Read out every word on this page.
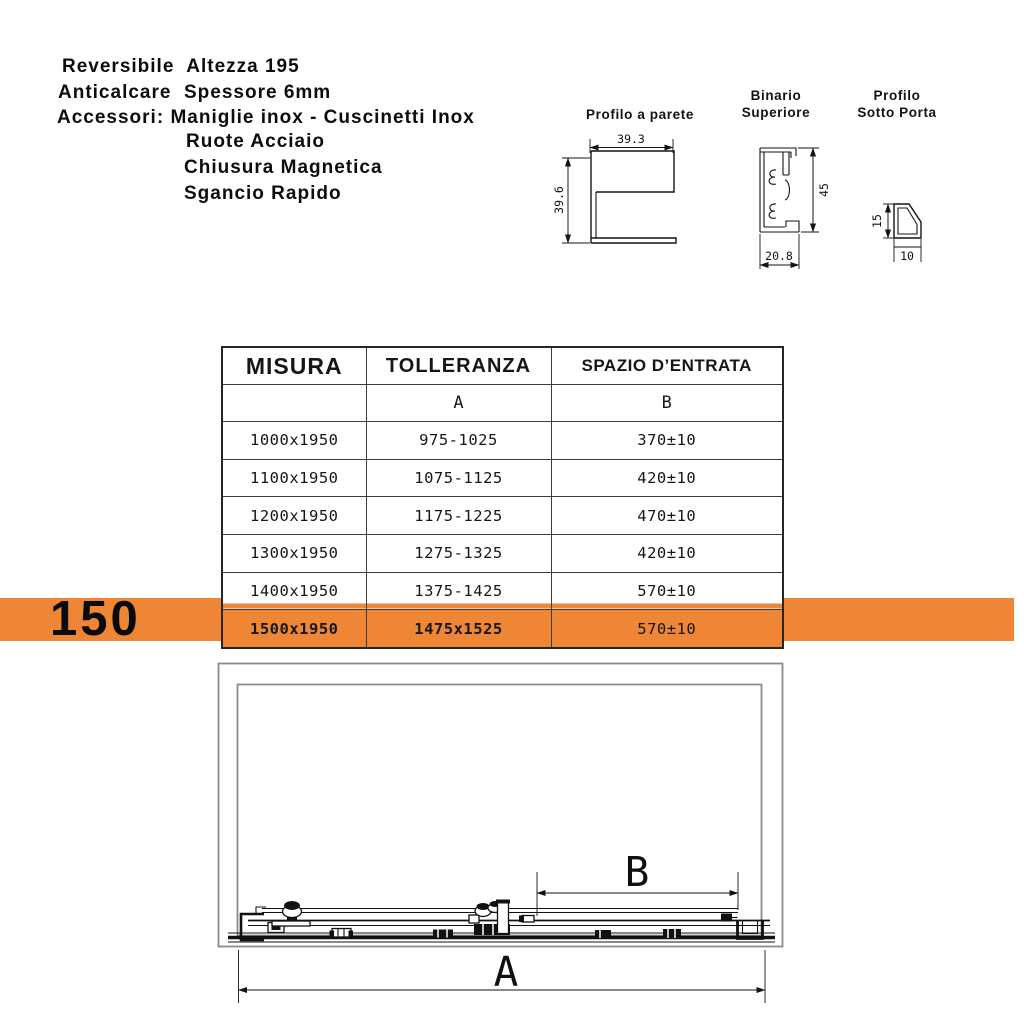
Reversibile  Altezza 195
Anticalcare  Spessore 6mm
Accessori: Maniglie inox - Cuscinetti Inox
Ruote Acciaio
Chiusura Magnetica
Sgancio Rapido
Profilo a parete
39.3
39.6
Binario
Superiore
45
20.8
Profilo
Sotto Porta
15
10
150
MISURA	TOLLERANZA	SPAZIO D’ENTRATA
	A	B
1000x1950	975-1025	370±10
1100x1950	1075-1125	420±10
1200x1950	1175-1225	470±10
1300x1950	1275-1325	420±10
1400x1950	1375-1425	570±10
1500x1950	1475x1525	570±10
B
A
